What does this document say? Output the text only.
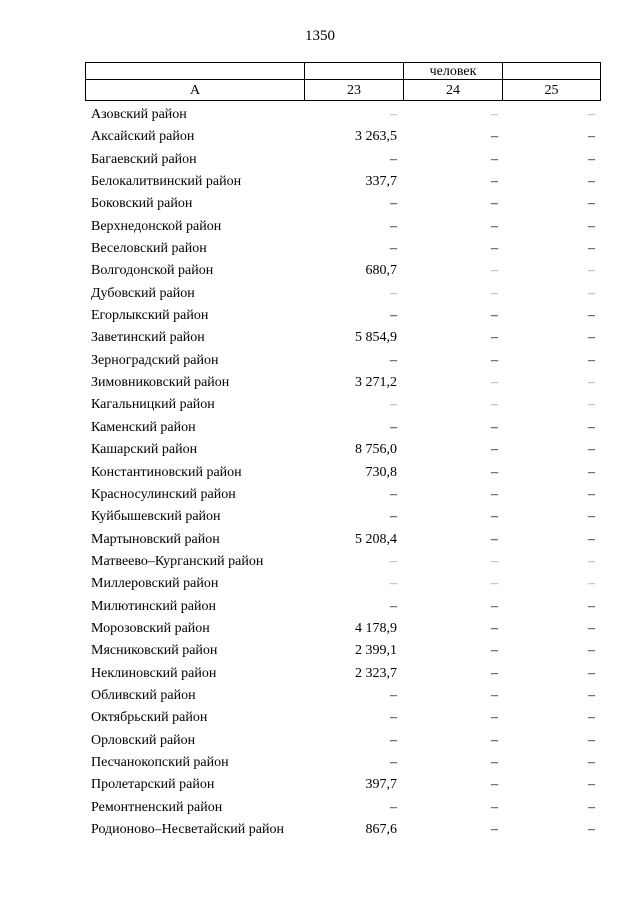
1350
		человек	
А	23	24	25
Азовский район	–	–	–
Аксайский район	3 263,5	–	–
Багаевский район	–	–	–
Белокалитвинский район	337,7	–	–
Боковский район	–	–	–
Верхнедонской район	–	–	–
Веселовский район	–	–	–
Волгодонской район	680,7	–	–
Дубовский район	–	–	–
Егорлыкский район	–	–	–
Заветинский район	5 854,9	–	–
Зерноградский район	–	–	–
Зимовниковский район	3 271,2	–	–
Кагальницкий район	–	–	–
Каменский район	–	–	–
Кашарский район	8 756,0	–	–
Константиновский район	730,8	–	–
Красносулинский район	–	–	–
Куйбышевский район	–	–	–
Мартыновский район	5 208,4	–	–
Матвеево–Курганский район	–	–	–
Миллеровский район	–	–	–
Милютинский район	–	–	–
Морозовский район	4 178,9	–	–
Мясниковский район	2 399,1	–	–
Неклиновский район	2 323,7	–	–
Обливский район	–	–	–
Октябрьский район	–	–	–
Орловский район	–	–	–
Песчанокопский район	–	–	–
Пролетарский район	397,7	–	–
Ремонтненский район	–	–	–
Родионово–Несветайский район	867,6	–	–
